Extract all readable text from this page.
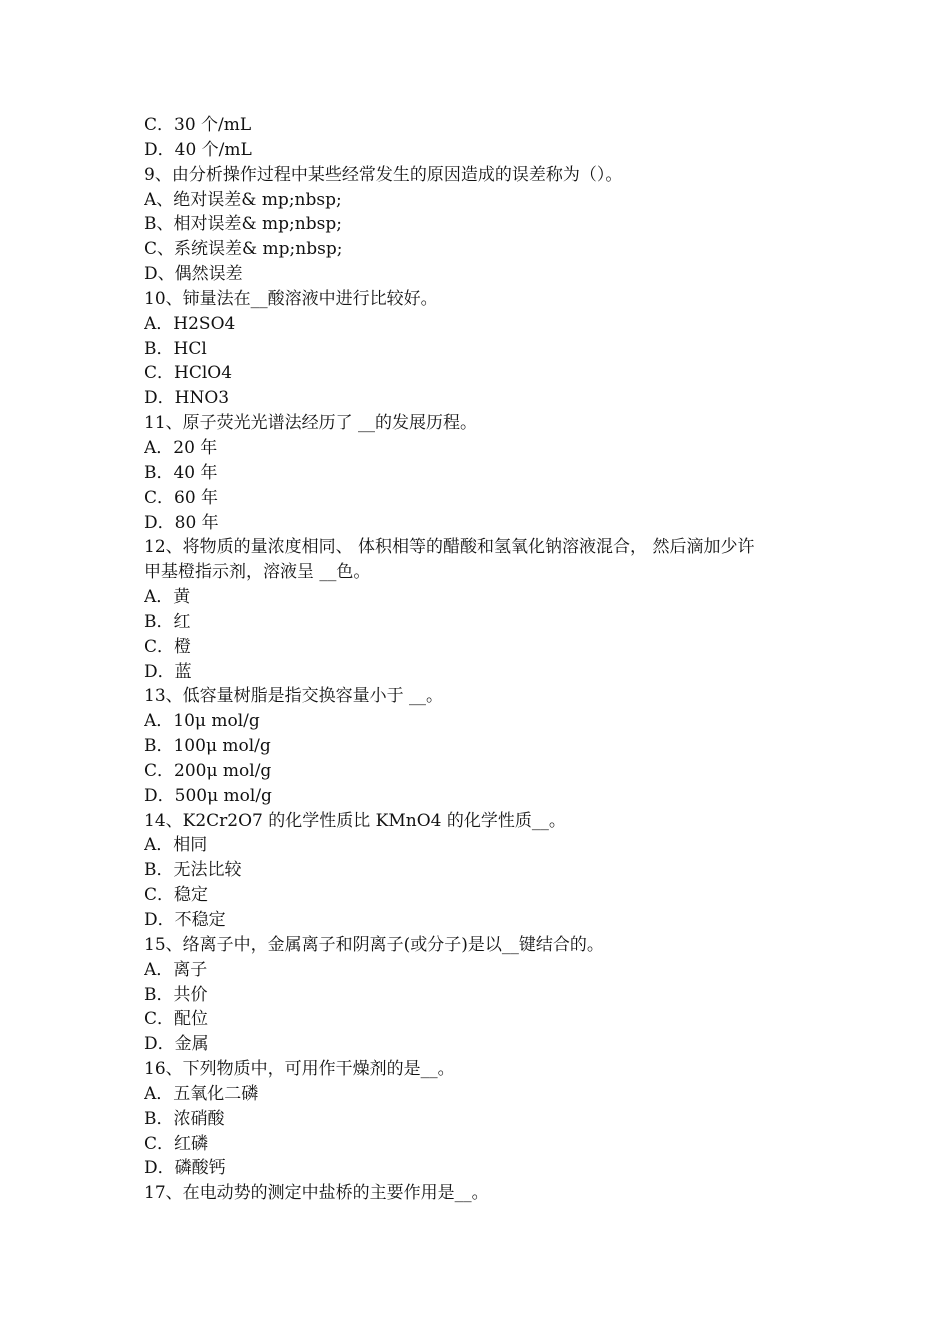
C．30 个/mL
D．40 个/mL
9、由分析操作过程中某些经常发生的原因造成的误差称为（）。
A、绝对误差& mp;nbsp;
B、相对误差& mp;nbsp;
C、系统误差& mp;nbsp;
D、偶然误差
10、铈量法在__酸溶液中进行比较好。
A．H2SO4
B．HCl
C．HClO4
D．HNO3
11、原子荧光光谱法经历了 __的发展历程。
A．20 年
B．40 年
C．60 年
D．80 年
12、将物质的量浓度相同、 体积相等的醋酸和氢氧化钠溶液混合， 然后滴加少许
甲基橙指示剂，溶液呈 __色。
A．黄
B．红
C．橙
D．蓝
13、低容量树脂是指交换容量小于 __。
A．10μ mol/g
B．100μ mol/g
C．200μ mol/g
D．500μ mol/g
14、K2Cr2O7 的化学性质比 KMnO4 的化学性质__。
A．相同
B．无法比较
C．稳定
D．不稳定
15、络离子中，金属离子和阴离子(或分子)是以__键结合的。
A．离子
B．共价
C．配位
D．金属
16、下列物质中，可用作干燥剂的是__。
A．五氧化二磷
B．浓硝酸
C．红磷
D．磷酸钙
17、在电动势的测定中盐桥的主要作用是__。
